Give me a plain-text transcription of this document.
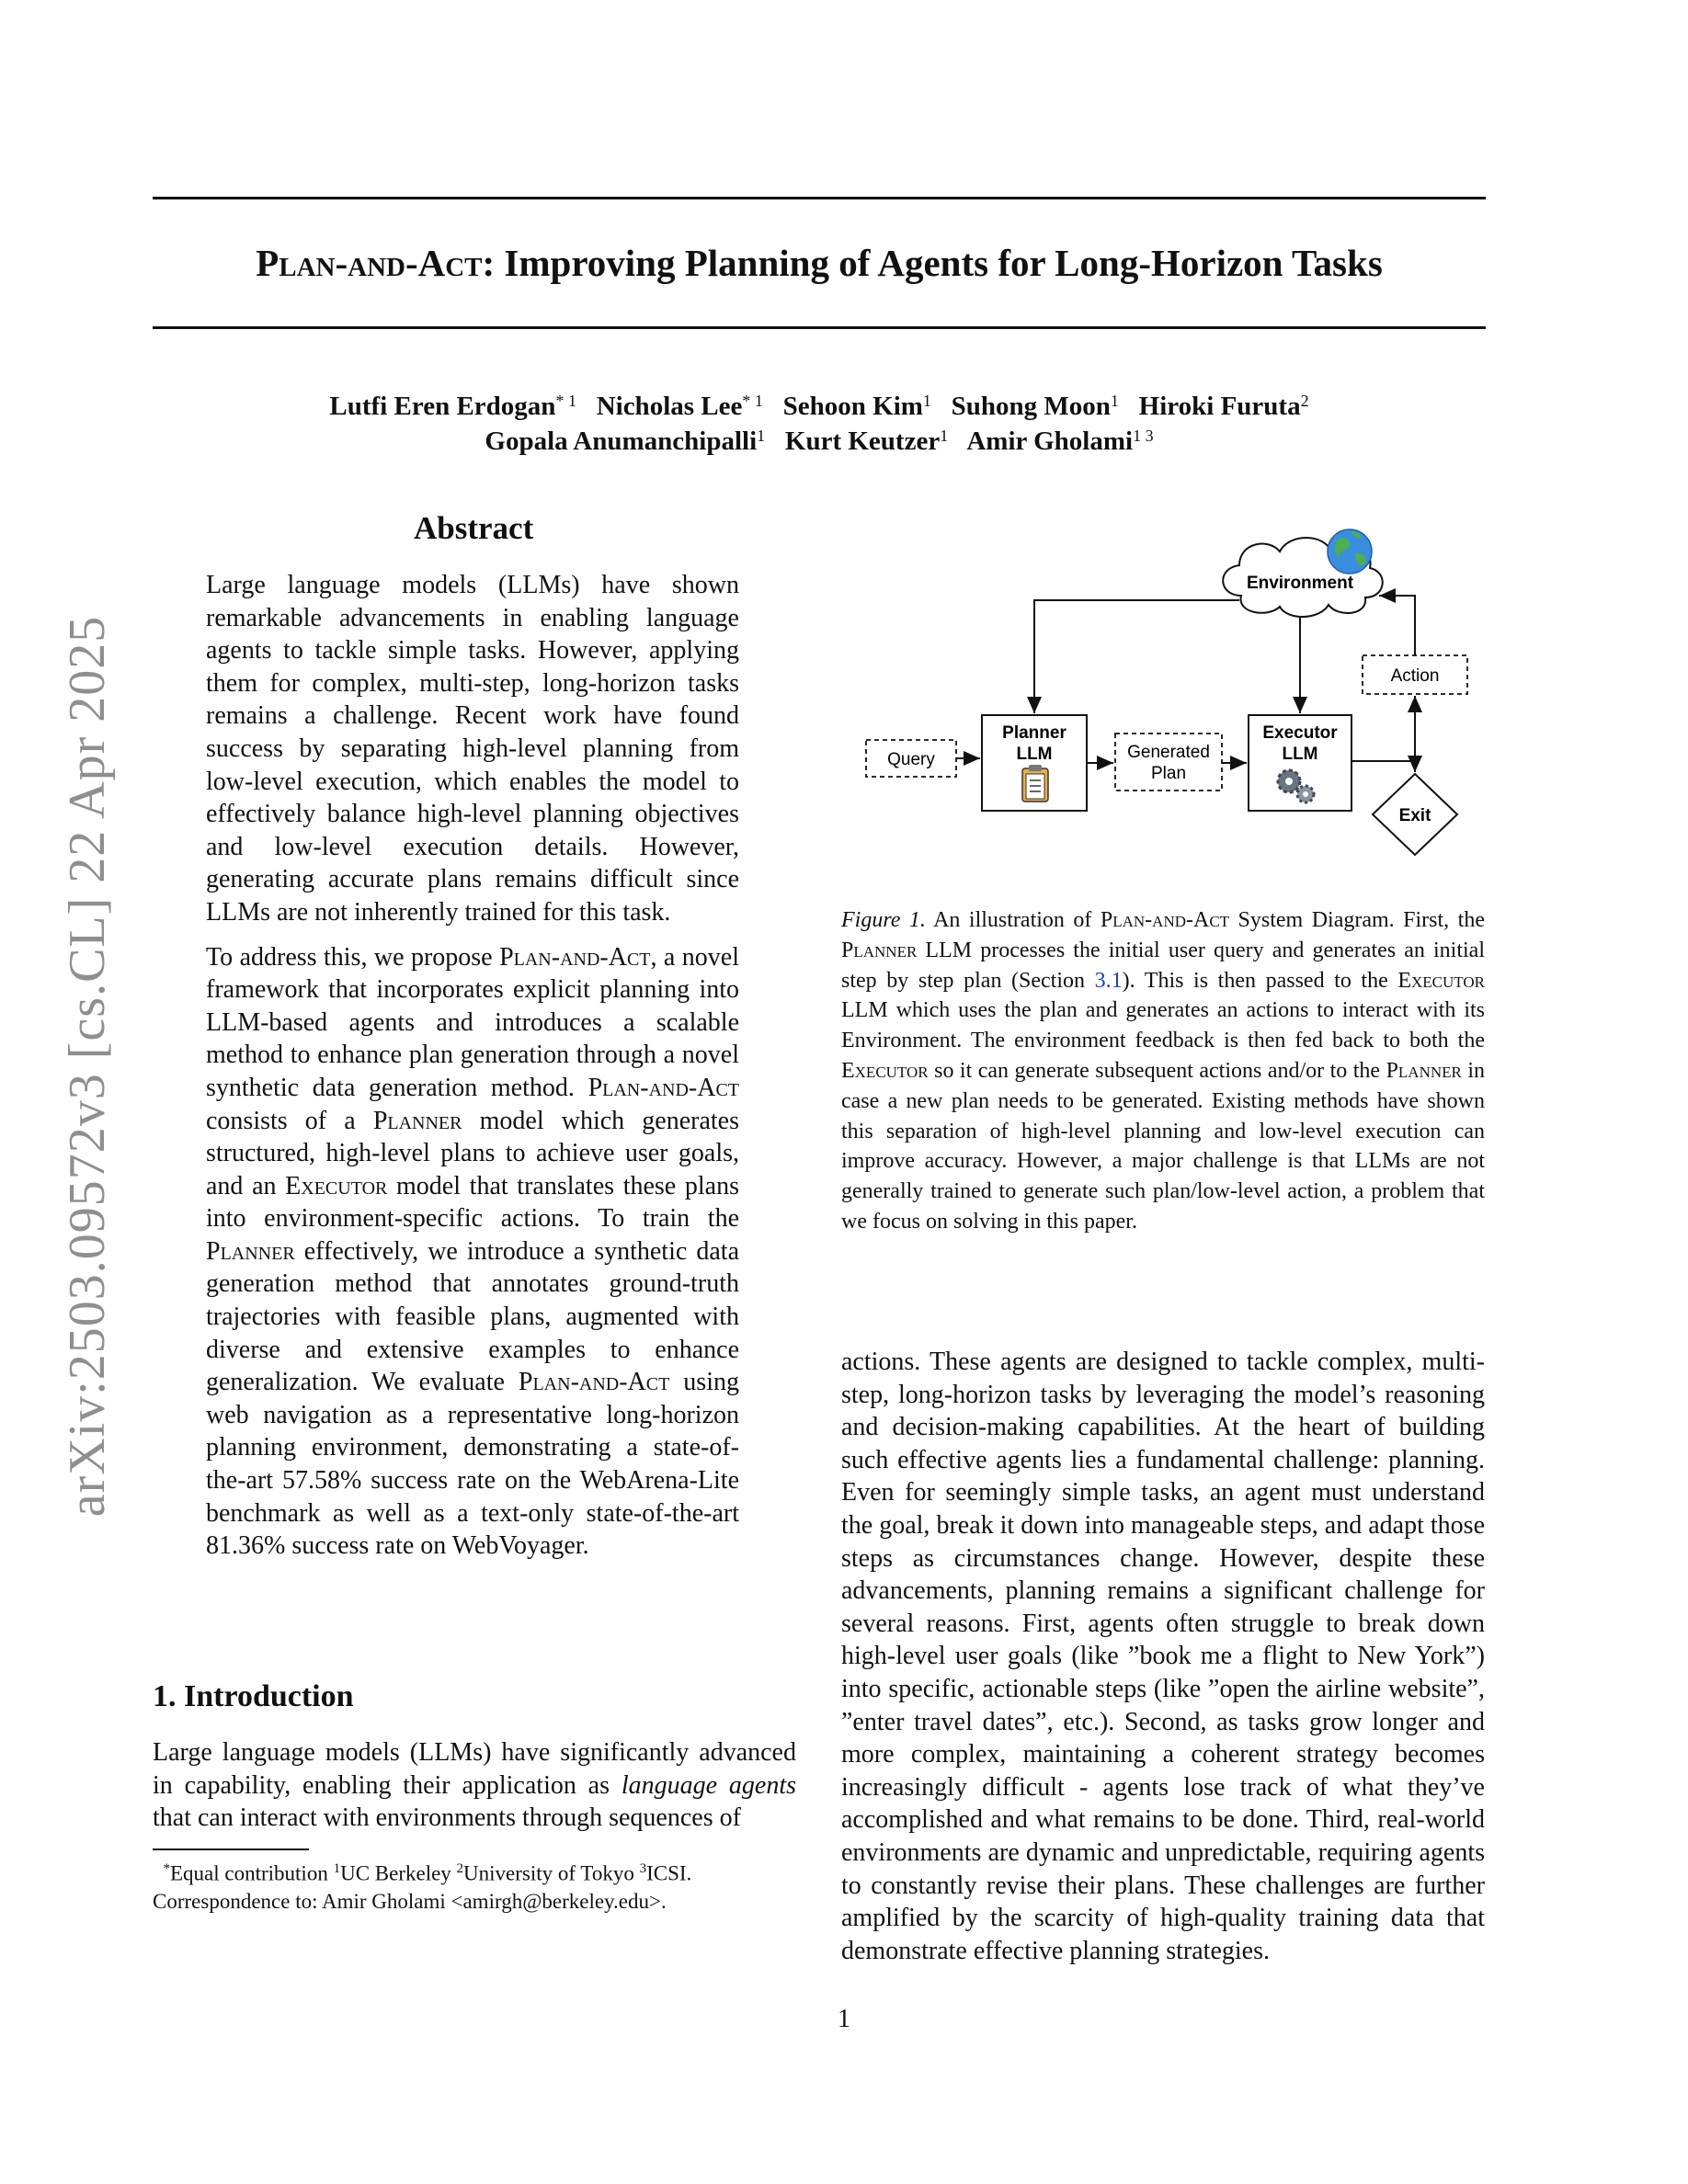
arXiv:2503.09572v3 [cs.CL] 22 Apr 2025
Plan-and-Act: Improving Planning of Agents for Long-Horizon Tasks
Lutfi Eren Erdogan$^{* 1}$ Nicholas Lee$^{* 1}$ Sehoon Kim$^1$ Suhong Moon$^1$ Hiroki Furuta$^2$
Gopala Anumanchipalli$^1$ Kurt Keutzer$^1$ Amir Gholami$^{1 3}$
Abstract

Large language models (LLMs) have shown remarkable advancements in enabling language agents to tackle simple tasks. However, applying them for complex, multi-step, long-horizon tasks remains a challenge. Recent work have found success by separating high-level planning from low-level execution, which enables the model to effectively balance high-level planning objectives and low-level execution details. However, generating accurate plans remains difficult since LLMs are not inherently trained for this task.

To address this, we propose Plan-and-Act, a novel framework that incorporates explicit planning into LLM-based agents and introduces a scalable method to enhance plan generation through a novel synthetic data generation method. Plan-and-Act consists of a Planner model which generates structured, high-level plans to achieve user goals, and an Executor model that translates these plans into environment-specific actions. To train the Planner effectively, we introduce a synthetic data generation method that annotates ground-truth trajectories with feasible plans, augmented with diverse and extensive examples to enhance generalization. We evaluate Plan-and-Act using web navigation as a representative long-horizon planning environment, demonstrating a state-of-the-art 57.58% success rate on the WebArena-Lite benchmark as well as a text-only state-of-the-art 81.36% success rate on WebVoyager.

1. Introduction
Large language models (LLMs) have significantly advanced in capability, enabling their application as language agents that can interact with environments through sequences of
*Equal contribution $^1$UC Berkeley $^2$University of Tokyo $^3$ICSI.
Correspondence to: Amir Gholami <amirgh@berkeley.edu>.
Environment
Query
Planner
LLM	Generated
Plan
Executor
LLM
Action
Exit
Figure 1. An illustration of Plan-and-Act System Diagram. First, the Planner LLM processes the initial user query and generates an initial step by step plan (Section 3.1). This is then passed to the Executor LLM which uses the plan and generates an actions to interact with its Environment. The environment feedback is then fed back to both the Executor so it can generate subsequent actions and/or to the Planner in case a new plan needs to be generated. Existing methods have shown this separation of high-level planning and low-level execution can improve accuracy. However, a major challenge is that LLMs are not generally trained to generate such plan/low-level action, a problem that we focus on solving in this paper.
actions. These agents are designed to tackle complex, multi-step, long-horizon tasks by leveraging the model’s reasoning and decision-making capabilities. At the heart of building such effective agents lies a fundamental challenge: planning. Even for seemingly simple tasks, an agent must understand the goal, break it down into manageable steps, and adapt those steps as circumstances change. However, despite these advancements, planning remains a significant challenge for several reasons. First, agents often struggle to break down high-level user goals (like ”book me a flight to New York”) into specific, actionable steps (like ”open the airline website”, ”enter travel dates”, etc.). Second, as tasks grow longer and more complex, maintaining a coherent strategy becomes increasingly difficult - agents lose track of what they’ve accomplished and what remains to be done. Third, real-world environments are dynamic and unpredictable, requiring agents to constantly revise their plans. These challenges are further amplified by the scarcity of high-quality training data that demonstrate effective planning strategies.
1
